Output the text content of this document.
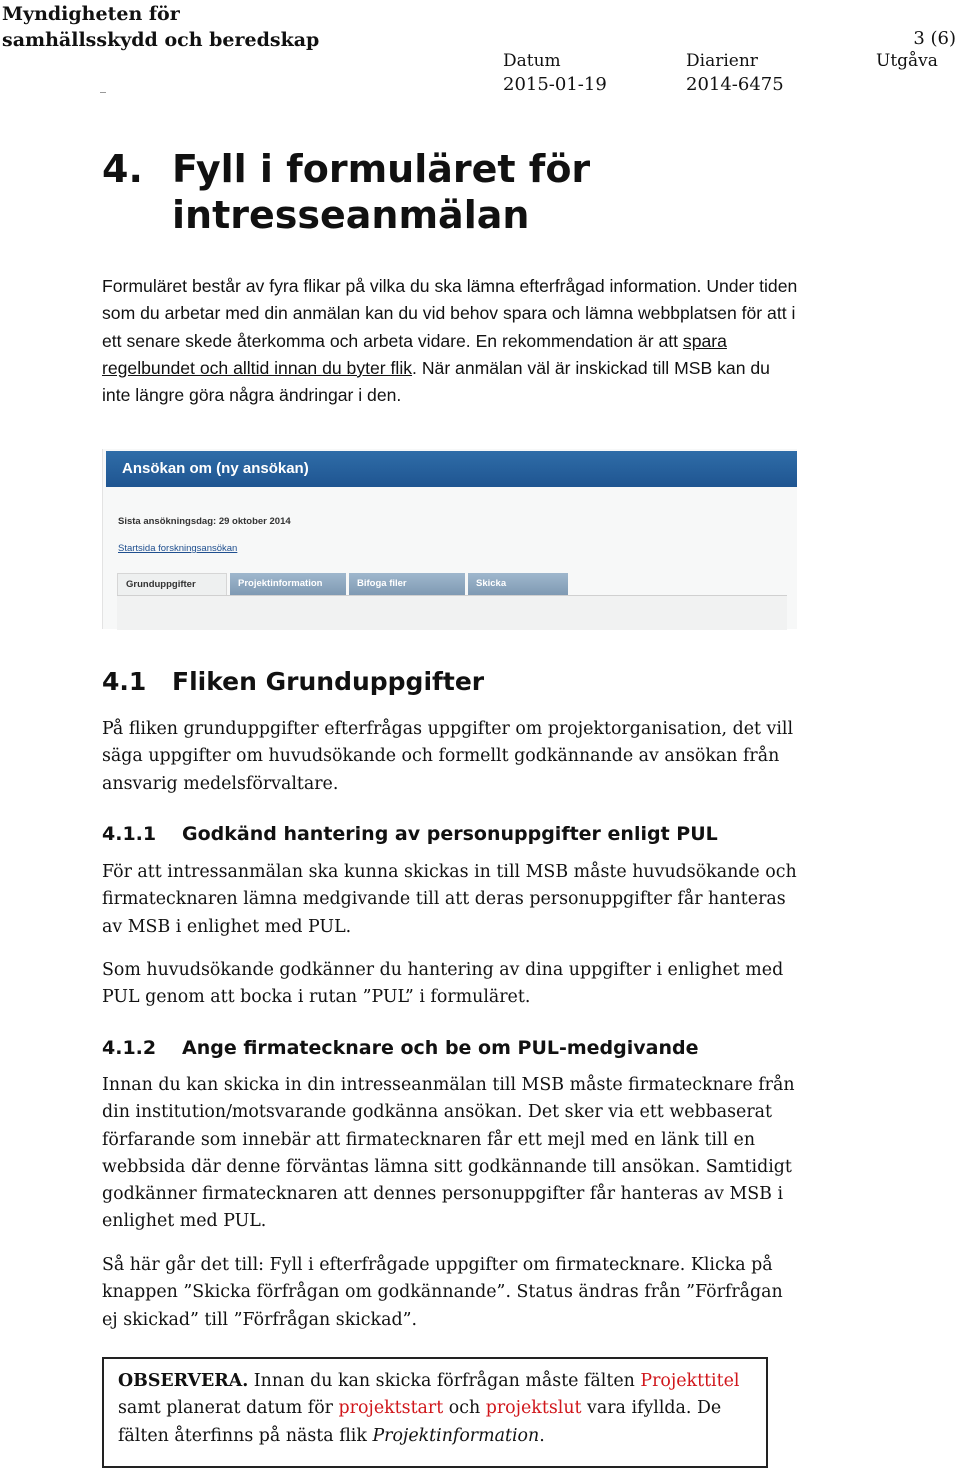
Myndigheten för
samhällsskydd och beredskap	3 (6)
Datum	Diarienr	Utgåva
2015-01-19	2014-6475
4. Fyll i formuläret för
intresseanmälan

Formuläret består av fyra flikar på vilka du ska lämna efterfrågad information. Under tiden som du arbetar med din anmälan kan du vid behov spara och lämna webbplatsen för att i ett senare skede återkomma och arbeta vidare. En rekommendation är att spara regelbundet och alltid innan du byter flik. När anmälan väl är inskickad till MSB kan du inte längre göra några ändringar i den.

Ansökan om (ny ansökan)
Sista ansökningsdag: 29 oktober 2014
Startsida forskningsansökan
Grunduppgifter	Projektinformation	Bifoga filer	Skicka
4.1 Fliken Grunduppgifter

På fliken grunduppgifter efterfrågas uppgifter om projektorganisation, det vill säga uppgifter om huvudsökande och formellt godkännande av ansökan från ansvarig medelsförvaltare.

4.1.1 Godkänd hantering av personuppgifter enligt PUL

För att intressanmälan ska kunna skickas in till MSB måste huvudsökande och firmatecknaren lämna medgivande till att deras personuppgifter får hanteras av MSB i enlighet med PUL.

Som huvudsökande godkänner du hantering av dina uppgifter i enlighet med PUL genom att bocka i rutan ”PUL” i formuläret.

4.1.2 Ange firmatecknare och be om PUL-medgivande

Innan du kan skicka in din intresseanmälan till MSB måste firmatecknare från din institution/motsvarande godkänna ansökan. Det sker via ett webbaserat förfarande som innebär att firmatecknaren får ett mejl med en länk till en webbsida där denne förväntas lämna sitt godkännande till ansökan. Samtidigt godkänner firmatecknaren att dennes personuppgifter får hanteras av MSB i enlighet med PUL.

Så här går det till: Fyll i efterfrågade uppgifter om firmatecknare. Klicka på knappen ”Skicka förfrågan om godkännande”. Status ändras från ”Förfrågan ej skickad” till ”Förfrågan skickad”.

OBSERVERA. Innan du kan skicka förfrågan måste fälten Projekttitel samt planerat datum för projektstart och projektslut vara ifyllda. De fälten återfinns på nästa flik Projektinformation.
